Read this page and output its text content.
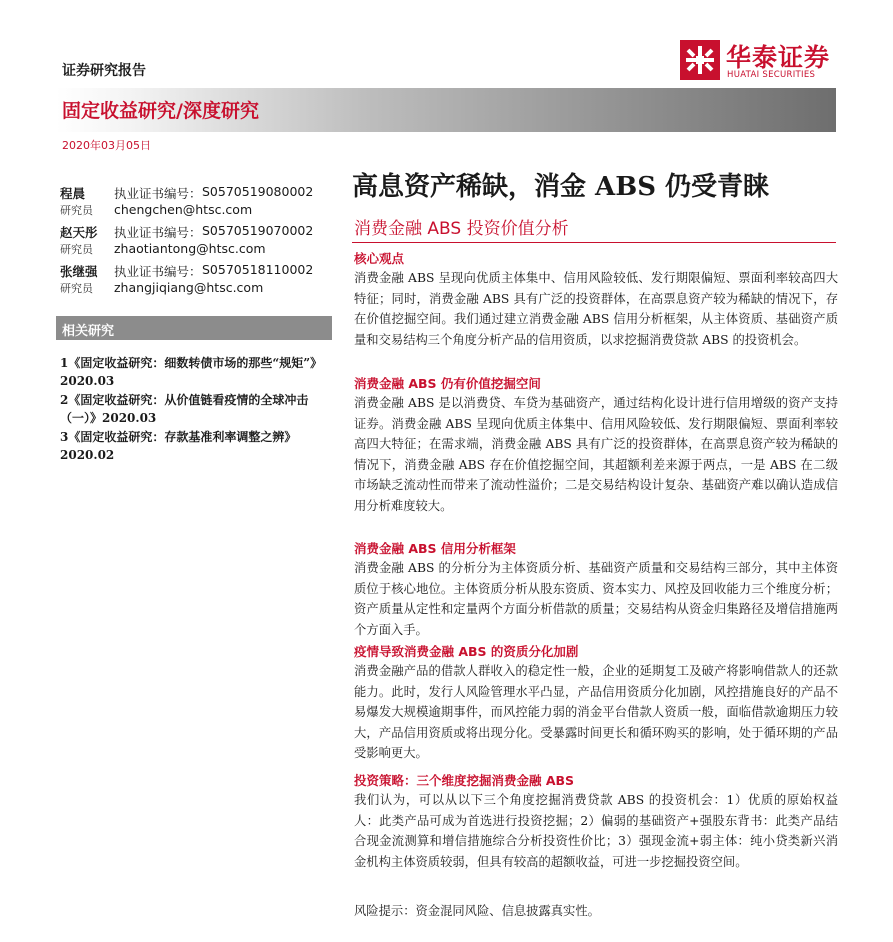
证券研究报告	华泰证券
HUATAI SECURITIES
固定收益研究/深度研究
2020年03月05日
高息资产稀缺，消金 ABS 仍受青睐
消费金融 ABS 投资价值分析
程晨
研究员
执业证书编号： S0570519080002
chengchen@htsc.com
赵天彤
研究员
执业证书编号： S0570519070002
zhaotiantong@htsc.com
张继强
研究员
执业证书编号： S0570518110002
zhangjiqiang@htsc.com
相关研究
1《固定收益研究：细数转债市场的那些“规矩”》2020.03
2《固定收益研究：从价值链看疫情的全球冲击（一）》2020.03
3《固定收益研究：存款基准利率调整之辨》2020.02
核心观点

消费金融 ABS 呈现向优质主体集中、信用风险较低、发行期限偏短、票面利率较高四大特征；同时，消费金融 ABS 具有广泛的投资群体，在高票息资产较为稀缺的情况下，存在价值挖掘空间。我们通过建立消费金融 ABS 信用分析框架，从主体资质、基础资产质量和交易结构三个角度分析产品的信用资质，以求挖掘消费贷款 ABS 的投资机会。

消费金融 ABS 仍有价值挖掘空间

消费金融 ABS 是以消费贷、车贷为基础资产，通过结构化设计进行信用增级的资产支持证券。消费金融 ABS 呈现向优质主体集中、信用风险较低、发行期限偏短、票面利率较高四大特征；在需求端，消费金融 ABS 具有广泛的投资群体，在高票息资产较为稀缺的情况下，消费金融 ABS 存在价值挖掘空间，其超额利差来源于两点，一是 ABS 在二级市场缺乏流动性而带来了流动性溢价；二是交易结构设计复杂、基础资产难以确认造成信用分析难度较大。

消费金融 ABS 信用分析框架

消费金融 ABS 的分析分为主体资质分析、基础资产质量和交易结构三部分，其中主体资质位于核心地位。主体资质分析从股东资质、资本实力、风控及回收能力三个维度分析；资产质量从定性和定量两个方面分析借款的质量；交易结构从资金归集路径及增信措施两个方面入手。

疫情导致消费金融 ABS 的资质分化加剧

消费金融产品的借款人群收入的稳定性一般，企业的延期复工及破产将影响借款人的还款能力。此时，发行人风险管理水平凸显，产品信用资质分化加剧，风控措施良好的产品不易爆发大规模逾期事件，而风控能力弱的消金平台借款人资质一般，面临借款逾期压力较大，产品信用资质或将出现分化。受暴露时间更长和循环购买的影响，处于循环期的产品受影响更大。

投资策略：三个维度挖掘消费金融 ABS

我们认为，可以从以下三个角度挖掘消费贷款 ABS 的投资机会：1）优质的原始权益人：此类产品可成为首选进行投资挖掘；2）偏弱的基础资产+强股东背书：此类产品结合现金流测算和增信措施综合分析投资性价比；3）强现金流+弱主体：纯小贷类新兴消金机构主体资质较弱，但具有较高的超额收益，可进一步挖掘投资空间。

风险提示：资金混同风险、信息披露真实性。
